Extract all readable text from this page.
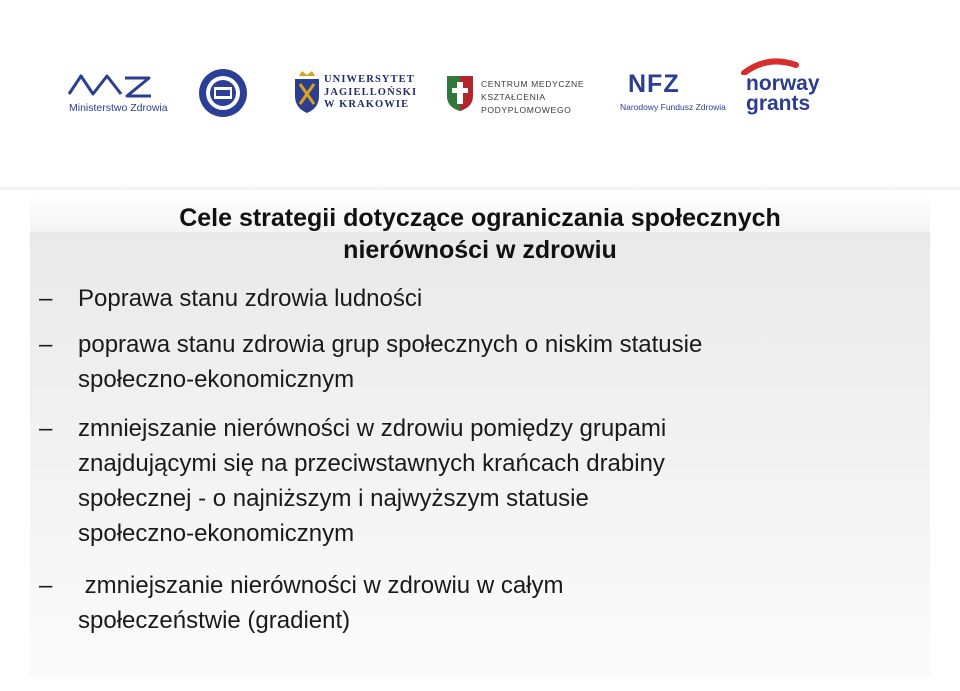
Ministerstwo Zdrowia
UNIWERSYTET
JAGIELLOŃSKI
W KRAKOWIE
CENTRUM MEDYCZNE
KSZTAŁCENIA
PODYPLOMOWEGO
NFZ
Narodowy Fundusz Zdrowia
norway
grants
Cele strategii dotyczące ograniczania społecznych
nierówności w zdrowiu
– Poprawa stanu zdrowia ludności
– poprawa stanu zdrowia grup społecznych o niskim statusie
społeczno-ekonomicznym
– zmniejszanie nierówności w zdrowiu pomiędzy grupami
znajdującymi się na przeciwstawnych krańcach drabiny
społecznej - o najniższym i najwyższym statusie
społeczno-ekonomicznym
– zmniejszanie nierówności w zdrowiu w całym
społeczeństwie (gradient)
